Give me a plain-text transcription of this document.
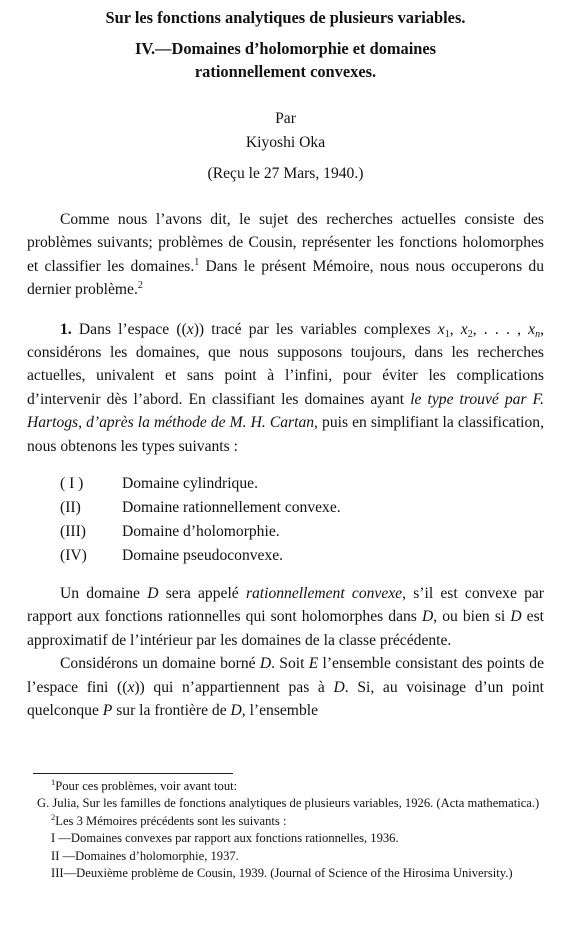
Sur les fonctions analytiques de plusieurs variables.
IV.—Domaines d’holomorphie et domaines
rationnellement convexes.
Par
Kiyoshi Oka
(Reçu le 27 Mars, 1940.)

Comme nous l’avons dit, le sujet des recherches actuelles consiste des problèmes suivants; problèmes de Cousin, représenter les fonctions holomorphes et classifier les domaines.$^1$ Dans le présent Mémoire, nous nous occuperons du dernier problème.$^2$

1. Dans l’espace ((x)) tracé par les variables complexes $x_1$, $x_2$, . . . , $x_n$, considérons les domaines, que nous supposons toujours, dans les recherches actuelles, univalent et sans point à l’infini, pour éviter les complications d’intervenir dès l’abord. En classifiant les domaines ayant le type trouvé par F. Hartogs, d’après la méthode de M. H. Cartan, puis en simplifiant la classification, nous obtenons les types suivants :

( I )	Domaine cylindrique.
(II)	Domaine rationnellement convexe.
(III)	Domaine d’holomorphie.
(IV)	Domaine pseudoconvexe.

Un domaine D sera appelé rationnellement convexe, s’il est convexe par rapport aux fonctions rationnelles qui sont holomorphes dans D, ou bien si D est approximatif de l’intérieur par les domaines de la classe précédente.

Considérons un domaine borné D. Soit E l’ensemble consistant des points de l’espace fini ((x)) qui n’appartiennent pas à D. Si, au voisinage d’un point quelconque P sur la frontière de D, l’ensemble

$^1$Pour ces problèmes, voir avant tout:
G. Julia, Sur les familles de fonctions analytiques de plusieurs variables, 1926. (Acta mathematica.)
$^2$Les 3 Mémoires précédents sont les suivants :
I —Domaines convexes par rapport aux fonctions rationnelles, 1936.
II —Domaines d’holomorphie, 1937.
III—Deuxième problème de Cousin, 1939. (Journal of Science of the Hirosima University.)
